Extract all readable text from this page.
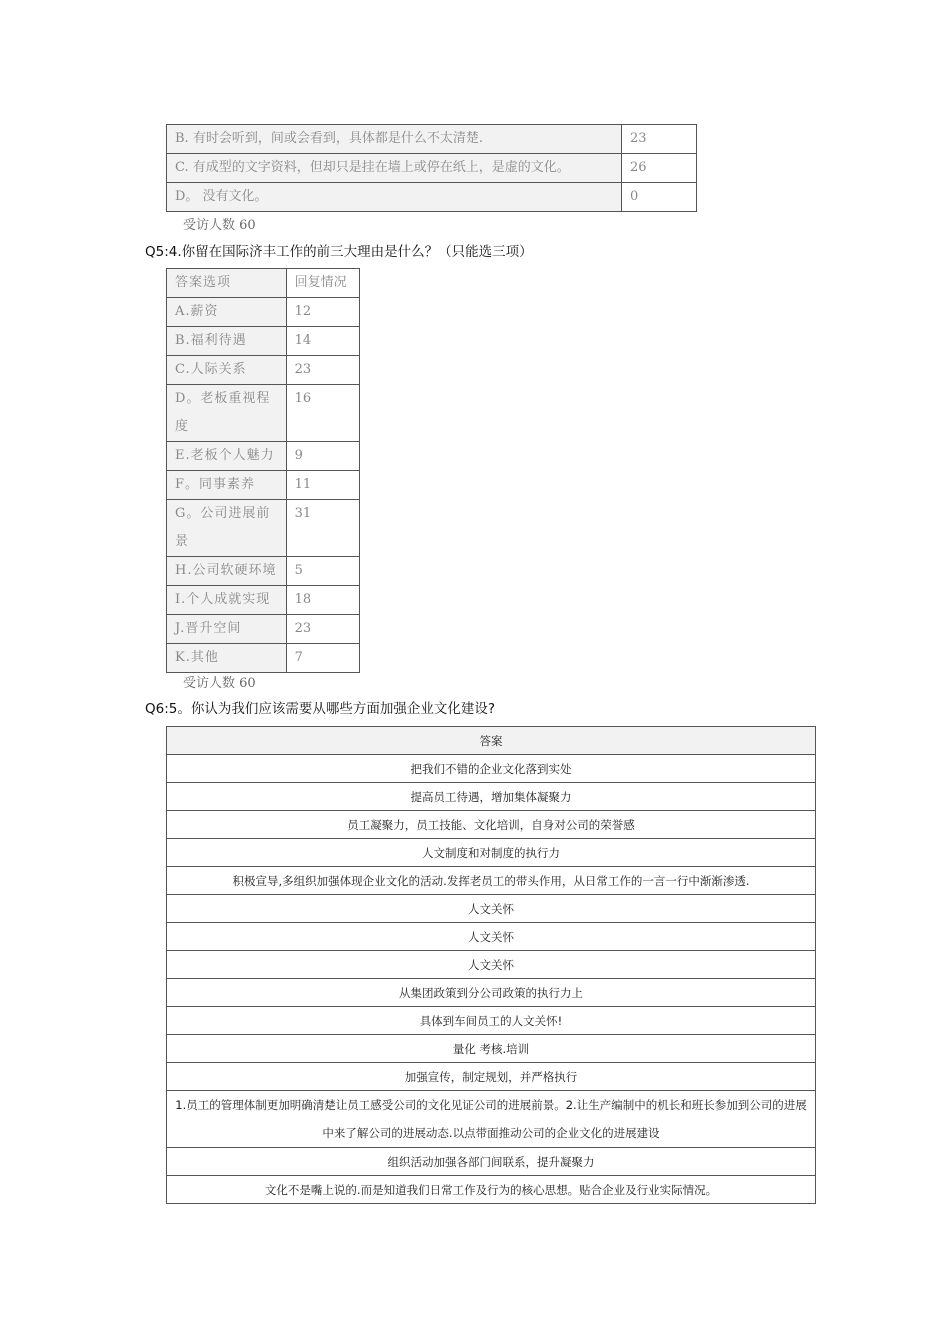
B. 有时会听到，间或会看到，具体都是什么不太清楚.	23
C. 有成型的文字资料，但却只是挂在墙上或停在纸上，是虚的文化。	26
D。 没有文化。	0
受访人数 60
Q5:4.你留在国际济丰工作的前三大理由是什么？（只能选三项）
答案选项	回复情况
A.薪资	12
B.福利待遇	14
C.人际关系	23
D。老板重视程度	16
E.老板个人魅力	9
F。同事素养	11
G。公司进展前景	31
H.公司软硬环境	5
I.个人成就实现	18
J.晋升空间	23
K.其他	7
受访人数 60
Q6:5。你认为我们应该需要从哪些方面加强企业文化建设?
答案
把我们不错的企业文化落到实处
提高员工待遇，增加集体凝聚力
员工凝聚力，员工技能、文化培训，自身对公司的荣誉感
人文制度和对制度的执行力
积极宣导,多组织加强体现企业文化的活动.发挥老员工的带头作用，从日常工作的一言一行中渐渐渗透.
人文关怀
人文关怀
人文关怀
从集团政策到分公司政策的执行力上
具体到车间员工的人文关怀!
量化 考核.培训
加强宣传，制定规划，并严格执行
1.员工的管理体制更加明确清楚让员工感受公司的文化见证公司的进展前景。2.让生产编制中的机长和班长参加到公司的进展中来了解公司的进展动态.以点带面推动公司的企业文化的进展建设
组织活动加强各部门间联系，提升凝聚力
文化不是嘴上说的.而是知道我们日常工作及行为的核心思想。贴合企业及行业实际情况。
